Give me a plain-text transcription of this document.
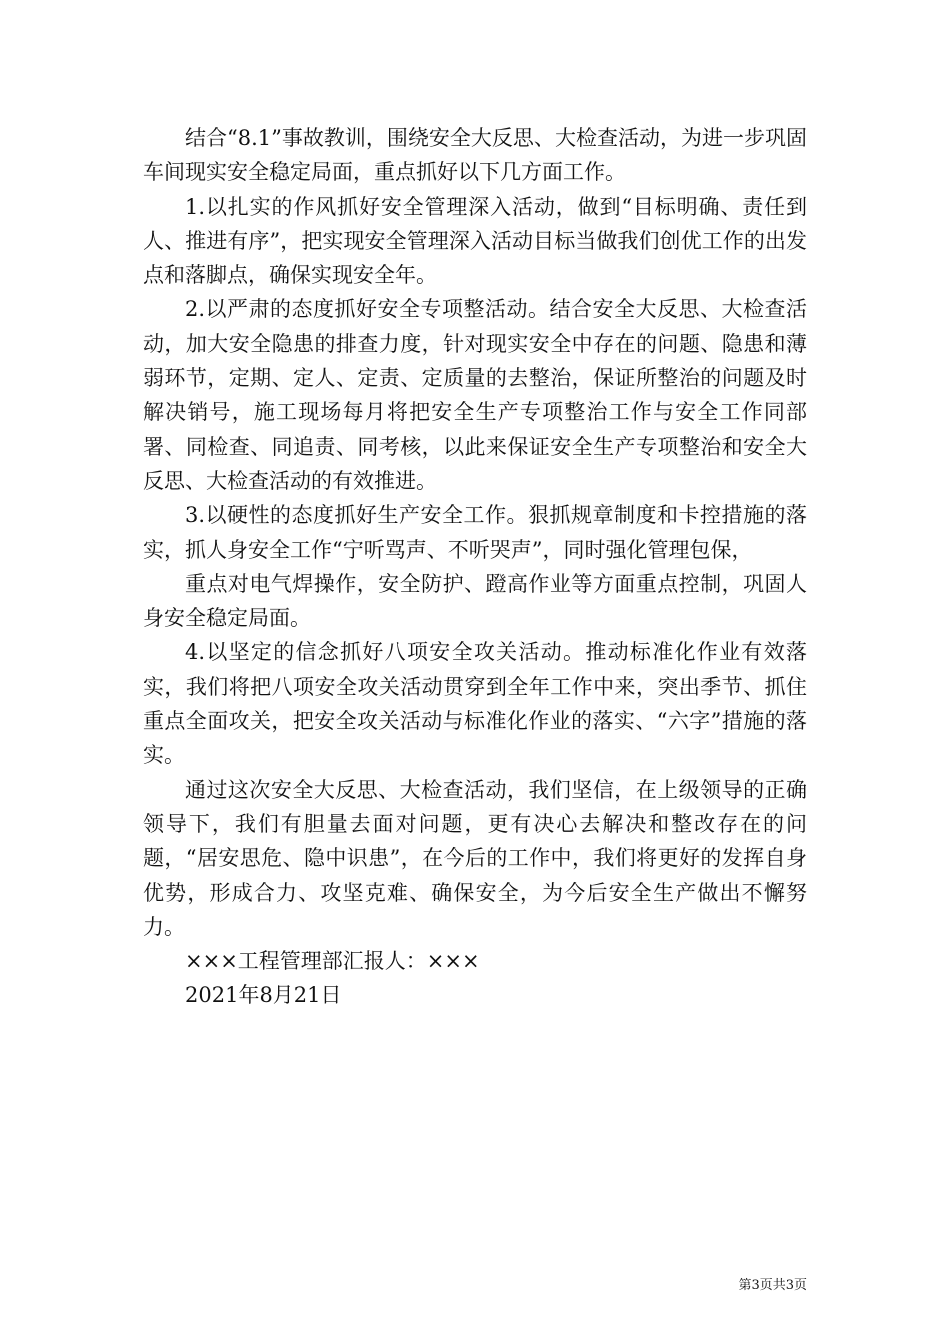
结合“8.1”事故教训，围绕安全大反思、大检查活动，为进一步巩固车间现实安全稳定局面，重点抓好以下几方面工作。

1.以扎实的作风抓好安全管理深入活动，做到“目标明确、责任到人、推进有序”，把实现安全管理深入活动目标当做我们创优工作的出发点和落脚点，确保实现安全年。

2.以严肃的态度抓好安全专项整活动。结合安全大反思、大检查活动，加大安全隐患的排查力度，针对现实安全中存在的问题、隐患和薄弱环节，定期、定人、定责、定质量的去整治，保证所整治的问题及时解决销号，施工现场每月将把安全生产专项整治工作与安全工作同部署、同检查、同追责、同考核，以此来保证安全生产专项整治和安全大反思、大检查活动的有效推进。

3.以硬性的态度抓好生产安全工作。狠抓规章制度和卡控措施的落实，抓人身安全工作“宁听骂声、不听哭声”，同时强化管理包保，

重点对电气焊操作，安全防护、蹬高作业等方面重点控制，巩固人身安全稳定局面。

4.以坚定的信念抓好八项安全攻关活动。推动标准化作业有效落实，我们将把八项安全攻关活动贯穿到全年工作中来，突出季节、抓住重点全面攻关，把安全攻关活动与标准化作业的落实、“六字”措施的落实。

通过这次安全大反思、大检查活动，我们坚信，在上级领导的正确领导下，我们有胆量去面对问题，更有决心去解决和整改存在的问题，“居安思危、隐中识患”，在今后的工作中，我们将更好的发挥自身优势，形成合力、攻坚克难、确保安全，为今后安全生产做出不懈努力。

×××工程管理部汇报人：×××

2021年8月21日

第3页共3页
